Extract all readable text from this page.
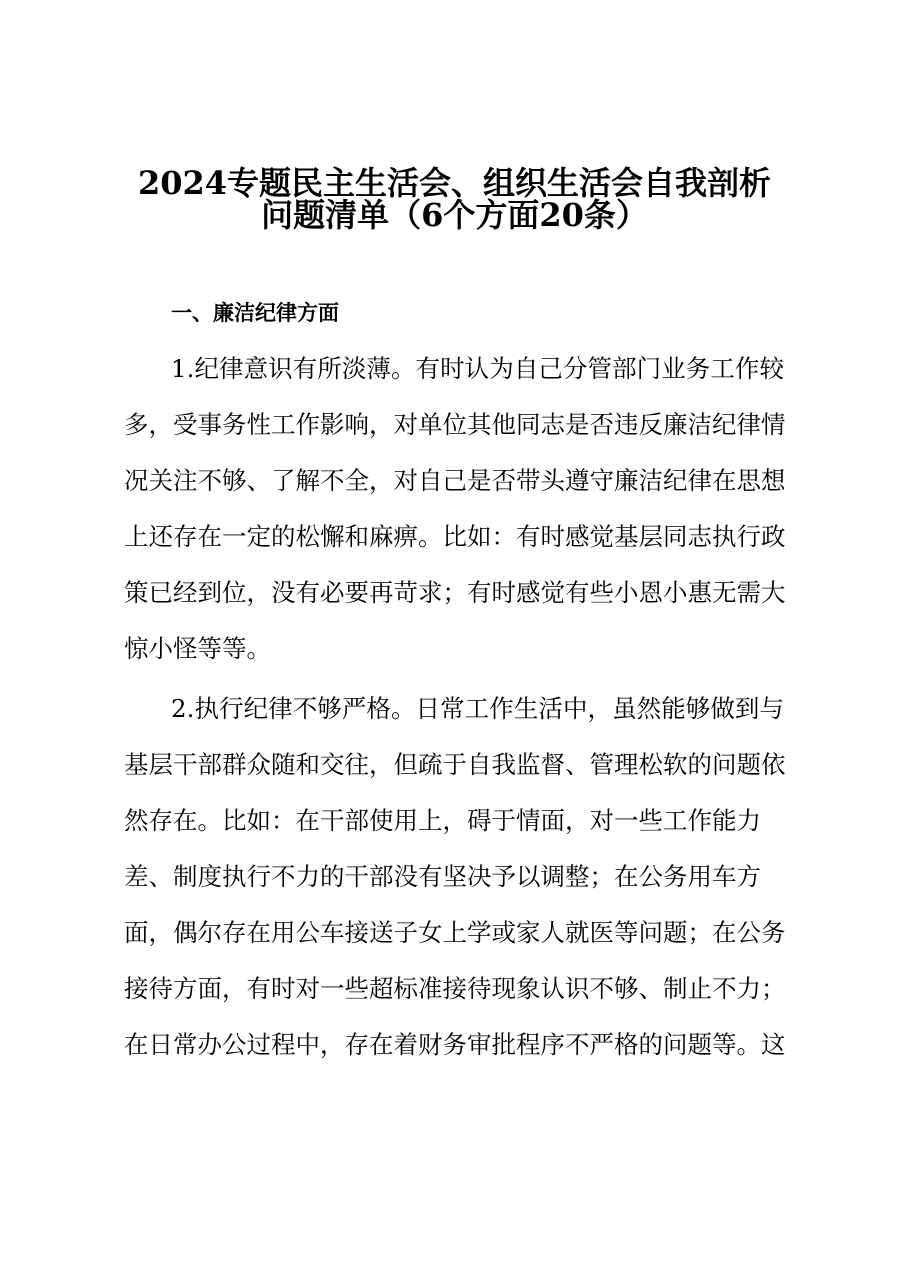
2024专题民主生活会、组织生活会自我剖析
问题清单（6个方面20条）
一、廉洁纪律方面
1.纪律意识有所淡薄。有时认为自己分管部门业务工作较
多，受事务性工作影响，对单位其他同志是否违反廉洁纪律情
况关注不够、了解不全，对自己是否带头遵守廉洁纪律在思想
上还存在一定的松懈和麻痹。比如：有时感觉基层同志执行政
策已经到位，没有必要再苛求；有时感觉有些小恩小惠无需大
惊小怪等等。
2.执行纪律不够严格。日常工作生活中，虽然能够做到与
基层干部群众随和交往，但疏于自我监督、管理松软的问题依
然存在。比如：在干部使用上，碍于情面，对一些工作能力
差、制度执行不力的干部没有坚决予以调整；在公务用车方
面，偶尔存在用公车接送子女上学或家人就医等问题；在公务
接待方面，有时对一些超标准接待现象认识不够、制止不力；
在日常办公过程中，存在着财务审批程序不严格的问题等。这
